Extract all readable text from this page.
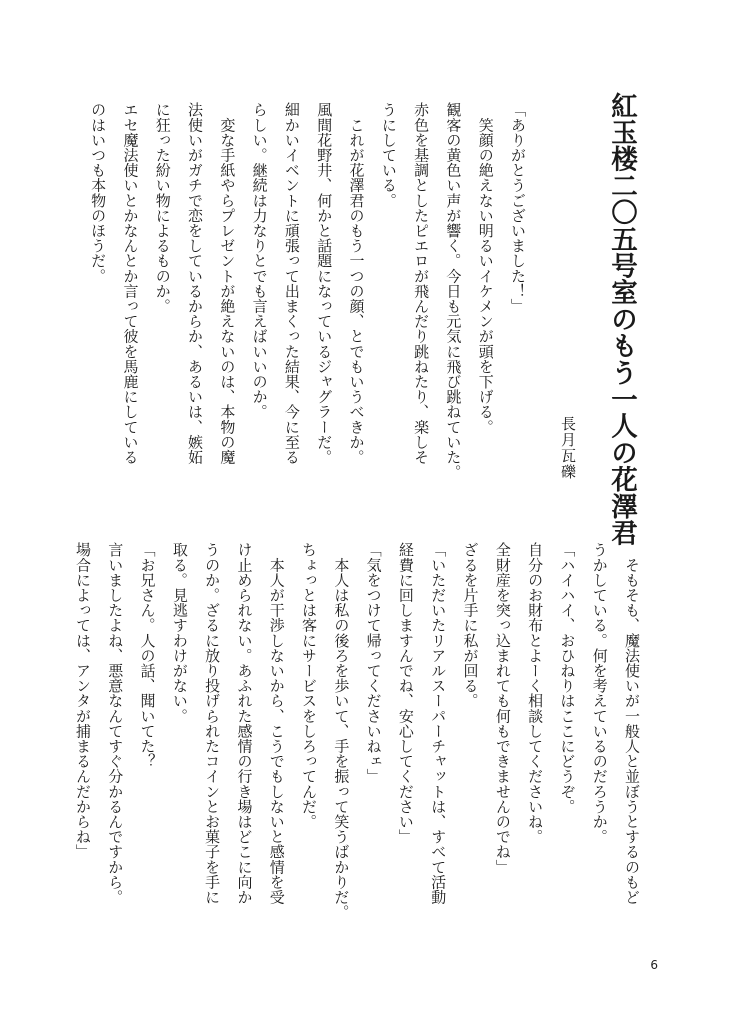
紅玉楼二〇五号室のもう一人の花澤君
長月瓦礫

「ありがとうございました！」

　笑顔の絶えない明るいイケメンが頭を下げる。

観客の黄色い声が響く。今日も元気に飛び跳ねていた。

赤色を基調としたピエロが飛んだり跳ねたり、楽しそ

うにしている。

　これが花澤君のもう一つの顔、とでもいうべきか。

風間花野井、何かと話題になっているジャグラーだ。

細かいイベントに頑張って出まくった結果、今に至る

らしい。継続は力なりとでも言えばいいのか。

　変な手紙やらプレゼントが絶えないのは、本物の魔

法使いがガチで恋をしているからか、あるいは、嫉妬

に狂った紛い物によるものか。

エセ魔法使いとかなんとか言って彼を馬鹿にしている

のはいつも本物のほうだ。

　そもそも、魔法使いが一般人と並ぼうとするのもど

うかしている。何を考えているのだろうか。

「ハイハイ、おひねりはここにどうぞ。

自分のお財布とよーく相談してくださいね。

全財産を突っ込まれても何もできませんのでね」

ざるを片手に私が回る。

「いただいたリアルスーパーチャットは、すべて活動

経費に回しますんでね、安心してください」

「気をつけて帰ってくださいねェ」

　本人は私の後ろを歩いて、手を振って笑うばかりだ。

ちょっとは客にサービスをしろってんだ。

　本人が干渉しないから、こうでもしないと感情を受

け止められない。あふれた感情の行き場はどこに向か

うのか。ざるに放り投げられたコインとお菓子を手に

取る。見逃すわけがない。

「お兄さん。人の話、聞いてた？

言いましたよね、悪意なんてすぐ分かるんですから。

場合によっては、アンタが捕まるんだからね」

6
